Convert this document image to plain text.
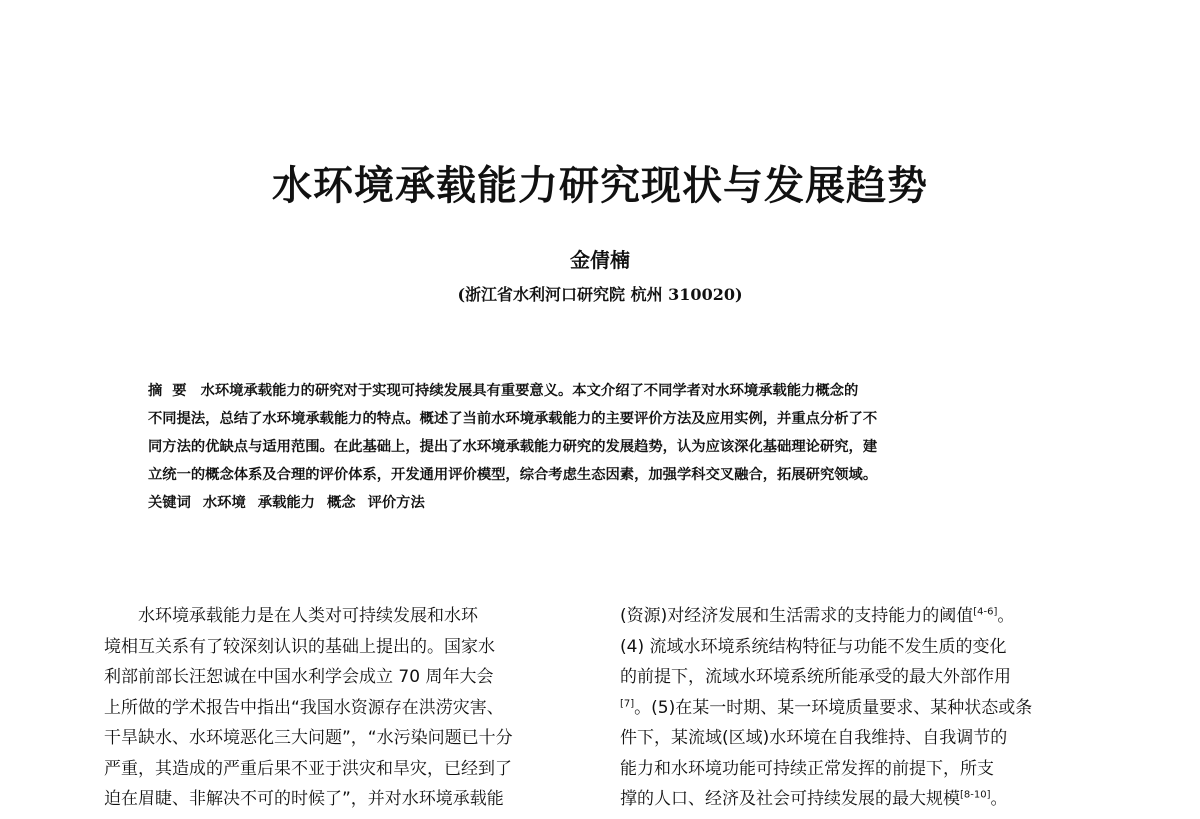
水环境承载能力研究现状与发展趋势
金倩楠
(浙江省水利河口研究院 杭州 310020)
摘要 水环境承载能力的研究对于实现可持续发展具有重要意义。本文介绍了不同学者对水环境承载能力概念的
不同提法，总结了水环境承载能力的特点。概述了当前水环境承载能力的主要评价方法及应用实例，并重点分析了不
同方法的优缺点与适用范围。在此基础上，提出了水环境承载能力研究的发展趋势，认为应该深化基础理论研究，建
立统一的概念体系及合理的评价体系，开发通用评价模型，综合考虑生态因素，加强学科交叉融合，拓展研究领域。
关键词 水环境 承载能力 概念 评价方法
水环境承载能力是在人类对可持续发展和水环
境相互关系有了较深刻认识的基础上提出的。国家水
利部前部长汪恕诚在中国水利学会成立 70 周年大会
上所做的学术报告中指出“我国水资源存在洪涝灾害、
干旱缺水、水环境恶化三大问题”，“水污染问题已十分
严重，其造成的严重后果不亚于洪灾和旱灾，已经到了
迫在眉睫、非解决不可的时候了”，并对水环境承载能
(资源)对经济发展和生活需求的支持能力的阈值[4-6]。
(4) 流域水环境系统结构特征与功能不发生质的变化
的前提下，流域水环境系统所能承受的最大外部作用
[7]。(5)在某一时期、某一环境质量要求、某种状态或条
件下，某流域(区域)水环境在自我维持、自我调节的
能力和水环境功能可持续正常发挥的前提下，所支
撑的人口、经济及社会可持续发展的最大规模[8-10]。
